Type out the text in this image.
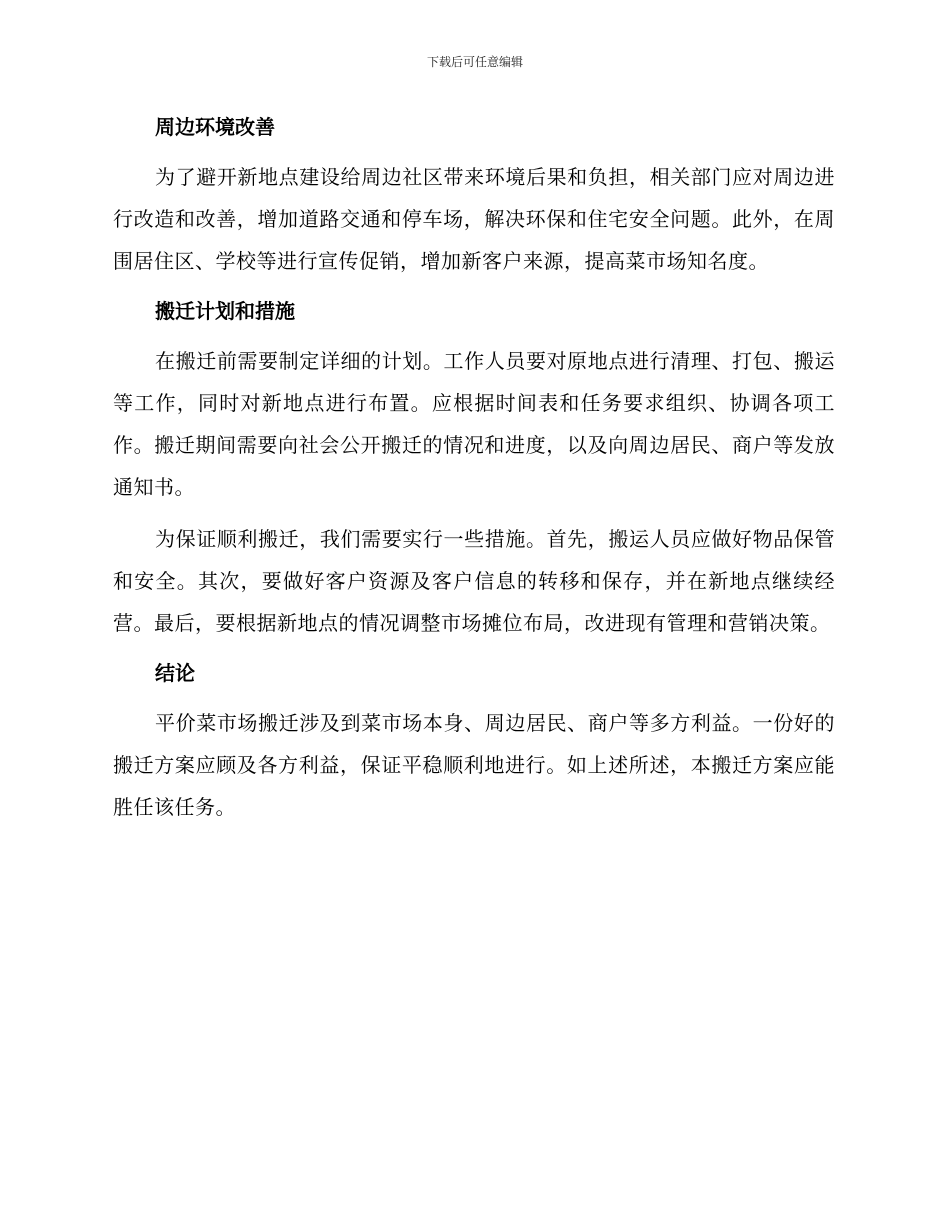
下载后可任意编辑
周边环境改善

为了避开新地点建设给周边社区带来环境后果和负担，相关部门应对周边进行改造和改善，增加道路交通和停车场，解决环保和住宅安全问题。此外，在周围居住区、学校等进行宣传促销，增加新客户来源，提高菜市场知名度。

搬迁计划和措施

在搬迁前需要制定详细的计划。工作人员要对原地点进行清理、打包、搬运等工作，同时对新地点进行布置。应根据时间表和任务要求组织、协调各项工作。搬迁期间需要向社会公开搬迁的情况和进度，以及向周边居民、商户等发放通知书。

为保证顺利搬迁，我们需要实行一些措施。首先，搬运人员应做好物品保管和安全。其次，要做好客户资源及客户信息的转移和保存，并在新地点继续经营。最后，要根据新地点的情况调整市场摊位布局，改进现有管理和营销决策。

结论

平价菜市场搬迁涉及到菜市场本身、周边居民、商户等多方利益。一份好的搬迁方案应顾及各方利益，保证平稳顺利地进行。如上述所述，本搬迁方案应能胜任该任务。
